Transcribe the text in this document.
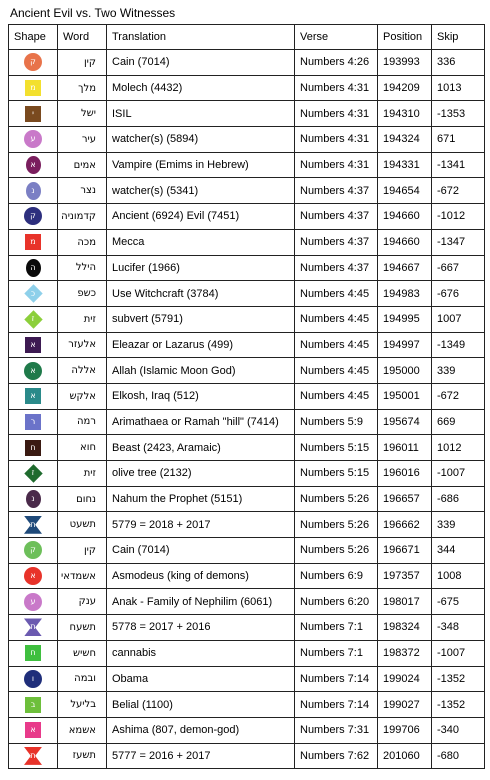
Ancient Evil vs. Two Witnesses
Shape	Word	Translation	Verse	Position	Skip

ק	קין	Cain (7014)	Numbers 4:26	193993	336

מ	מלך	Molech (4432)	Numbers 4:31	194209	1013

י	ישל	ISIL	Numbers 4:31	194310	-1353

ע	עיר	watcher(s) (5894)	Numbers 4:31	194324	671

א	אמים	Vampire (Emims in Hebrew)	Numbers 4:31	194331	-1341

נ	נצר	watcher(s) (5341)	Numbers 4:37	194654	-672

ק	קדמוניה	Ancient (6924) Evil (7451)	Numbers 4:37	194660	-1012

מ	מכה	Mecca	Numbers 4:37	194660	-1347

ה	הילל	Lucifer (1966)	Numbers 4:37	194667	-667

כ	כשפ	Use Witchcraft (3784)	Numbers 4:45	194983	-676

ז	זית	subvert (5791)	Numbers 4:45	194995	1007

א	אלעזר	Eleazar or Lazarus (499)	Numbers 4:45	194997	-1349

א	אללה	Allah (Islamic Moon God)	Numbers 4:45	195000	339

א	אלקש	Elkosh, Iraq (512)	Numbers 4:45	195001	-672

ר	רמה	Arimathaea or Ramah "hill" (7414)	Numbers 5:9	195674	669

ח	חוא	Beast (2423, Aramaic)	Numbers 5:15	196011	1012

ז	זית	olive tree (2132)	Numbers 5:15	196016	-1007

נ	נחום	Nahum the Prophet (5151)	Numbers 5:26	196657	-686

ת	תשעט	5779 = 2018 + 2017	Numbers 5:26	196662	339

ק	קין	Cain (7014)	Numbers 5:26	196671	344

א	אשמדאי	Asmodeus (king of demons)	Numbers 6:9	197357	1008

ע	ענק	Anak - Family of Nephilim (6061)	Numbers 6:20	198017	-675

ת	תשעח	5778 = 2017 + 2016	Numbers 7:1	198324	-348

ח	חשיש	cannabis	Numbers 7:1	198372	-1007

ו	ובמה	Obama	Numbers 7:14	199024	-1352

ב	בליעל	Belial (1100)	Numbers 7:14	199027	-1352

א	אשמא	Ashima (807, demon-god)	Numbers 7:31	199706	-340

ת	תשעז	5777 = 2016 + 2017	Numbers 7:62	201060	-680
